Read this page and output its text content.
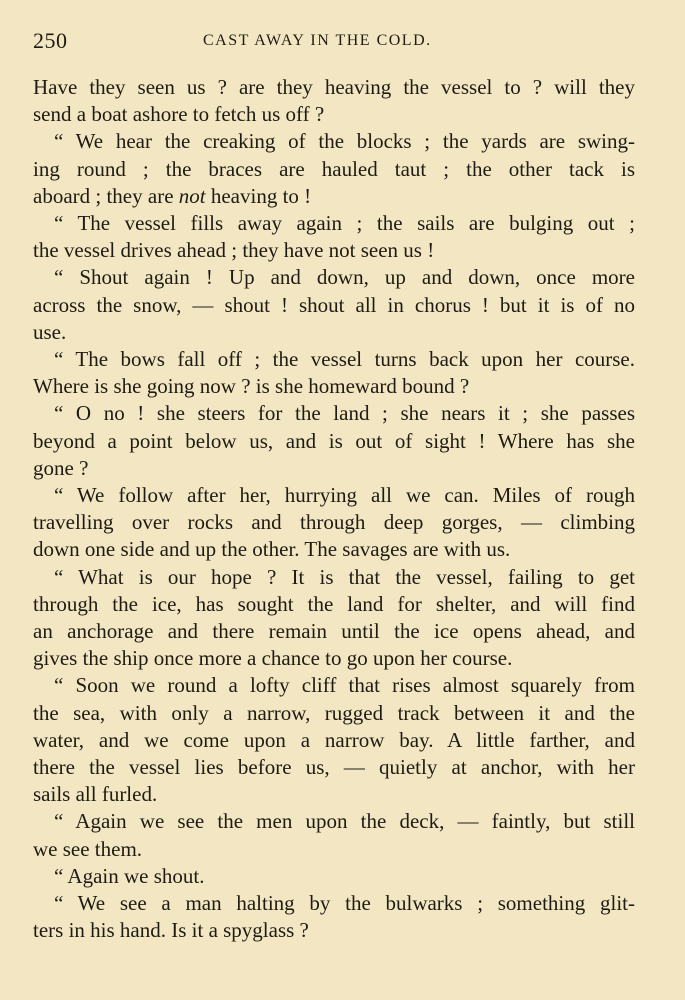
250	CAST AWAY IN THE COLD.
Have they seen us ? are they heaving the vessel to ? will they
send a boat ashore to fetch us off ?
“ We hear the creaking of the blocks ; the yards are swing-
ing round ; the braces are hauled taut ; the other tack is
aboard ; they are not heaving to !
“ The vessel fills away again ; the sails are bulging out ;
the vessel drives ahead ; they have not seen us !
“ Shout again ! Up and down, up and down, once more
across the snow, — shout ! shout all in chorus ! but it is of no
use.
“ The bows fall off ; the vessel turns back upon her course.
Where is she going now ? is she homeward bound ?
“ O no ! she steers for the land ; she nears it ; she passes
beyond a point below us, and is out of sight ! Where has she
gone ?
“ We follow after her, hurrying all we can. Miles of rough
travelling over rocks and through deep gorges, — climbing
down one side and up the other. The savages are with us.
“ What is our hope ? It is that the vessel, failing to get
through the ice, has sought the land for shelter, and will find
an anchorage and there remain until the ice opens ahead, and
gives the ship once more a chance to go upon her course.
“ Soon we round a lofty cliff that rises almost squarely from
the sea, with only a narrow, rugged track between it and the
water, and we come upon a narrow bay. A little farther, and
there the vessel lies before us, — quietly at anchor, with her
sails all furled.
“ Again we see the men upon the deck, — faintly, but still
we see them.
“ Again we shout.
“ We see a man halting by the bulwarks ; something glit-
ters in his hand. Is it a spyglass ?
